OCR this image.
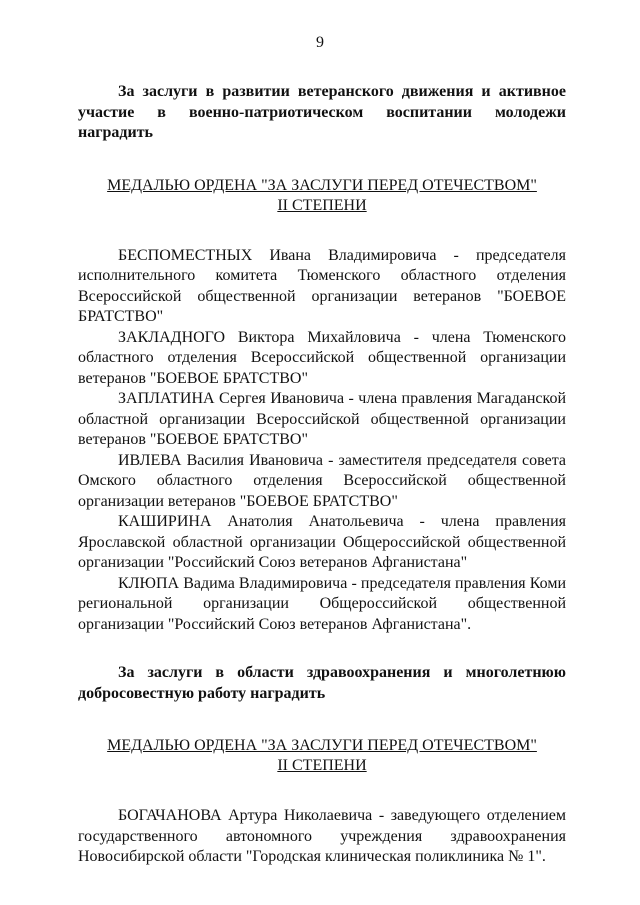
9

За заслуги в развитии ветеранского движения и активное участие в военно-патриотическом воспитании молодежи наградить

МЕДАЛЬЮ ОРДЕНА "ЗА ЗАСЛУГИ ПЕРЕД ОТЕЧЕСТВОМ"

II СТЕПЕНИ

БЕСПОМЕСТНЫХ Ивана Владимировича - председателя исполнительного комитета Тюменского областного отделения Всероссийской общественной организации ветеранов "БОЕВОЕ БРАТСТВО"

ЗАКЛАДНОГО Виктора Михайловича - члена Тюменского областного отделения Всероссийской общественной организации ветеранов "БОЕВОЕ БРАТСТВО"

ЗАПЛАТИНА Сергея Ивановича - члена правления Магаданской областной организации Всероссийской общественной организации ветеранов "БОЕВОЕ БРАТСТВО"

ИВЛЕВА Василия Ивановича - заместителя председателя совета Омского областного отделения Всероссийской общественной организации ветеранов "БОЕВОЕ БРАТСТВО"

КАШИРИНА Анатолия Анатольевича - члена правления Ярославской областной организации Общероссийской общественной организации "Российский Союз ветеранов Афганистана"

КЛЮПА Вадима Владимировича - председателя правления Коми региональной организации Общероссийской общественной организации "Российский Союз ветеранов Афганистана".

За заслуги в области здравоохранения и многолетнюю добросовестную работу наградить

МЕДАЛЬЮ ОРДЕНА "ЗА ЗАСЛУГИ ПЕРЕД ОТЕЧЕСТВОМ"

II СТЕПЕНИ

БОГАЧАНОВА Артура Николаевича - заведующего отделением государственного автономного учреждения здравоохранения Новосибирской области "Городская клиническая поликлиника № 1".
